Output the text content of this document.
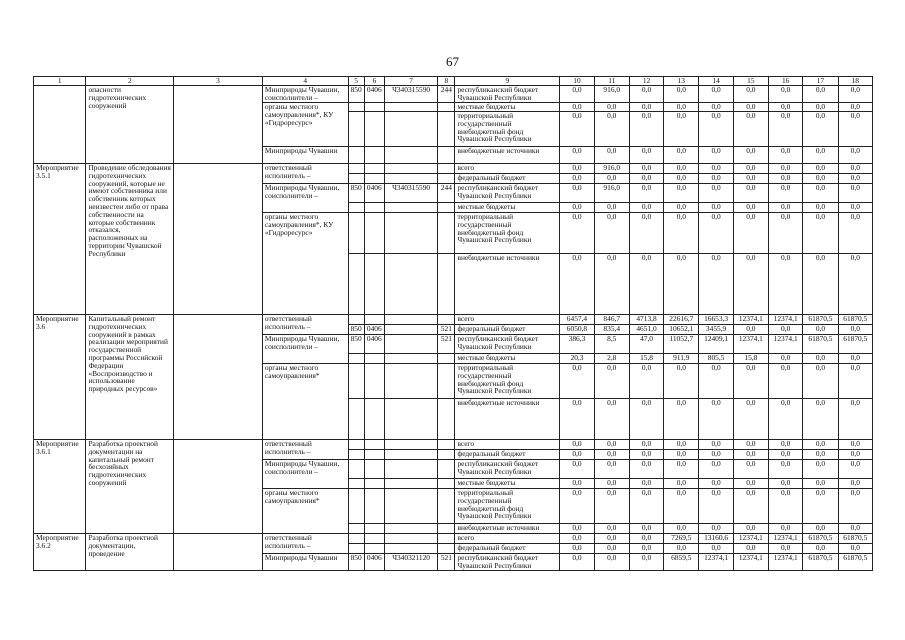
67
1	2	3	4	5	6	7	8	9	10	11	12	13	14	15	16	17	18
	опасности гидротехнических сооружений		Минприроды Чувашии, соисполнители –	850	0406	Ч340315590	244	республиканский бюджет Чувашской Республики	0,0	916,0	0,0	0,0	0,0	0,0	0,0	0,0	0,0
			органы местного самоуправления*, КУ «Гидроресурс»					местные бюджеты	0,0	0,0	0,0	0,0	0,0	0,0	0,0	0,0	0,0
								территориальный государственный внебюджетный фонд Чувашской Республики	0,0	0,0	0,0	0,0	0,0	0,0	0,0	0,0	0,0
			Минприроды Чувашии					внебюджетные источники	0,0	0,0	0,0	0,0	0,0	0,0	0,0	0,0	0,0
Мероприятие 3.5.1	Проведение обследования гидротехнических сооружений, которые не имеют собственника или собственник которых неизвестен либо от права собственности на которые собственник отказался, расположенных на территории Чувашской Республики		ответственный исполнитель –					всего	0,0	916,0	0,0	0,0	0,0	0,0	0,0	0,0	0,0
								федеральный бюджет	0,0	0,0	0,0	0,0	0,0	0,0	0,0	0,0	0,0
			Минприроды Чувашии, соисполнители –	850	0406	Ч340315590	244	республиканский бюджет Чувашской Республики	0,0	916,0	0,0	0,0	0,0	0,0	0,0	0,0	0,0
								местные бюджеты	0,0	0,0	0,0	0,0	0,0	0,0	0,0	0,0	0,0
			органы местного самоуправления*, КУ «Гидроресурс»					территориальный государственный внебюджетный фонд Чувашской Республики	0,0	0,0	0,0	0,0	0,0	0,0	0,0	0,0	0,0
								внебюджетные источники	0,0	0,0	0,0	0,0	0,0	0,0	0,0	0,0	0,0
Мероприятие 3.6	Капитальный ремонт гидротехнических сооружений в рамках реализации мероприятий государственной программы Российской Федерации «Воспроизводство и использование природных ресурсов»		ответственный исполнитель –					всего	6457,4	846,7	4713,8	22616,7	16653,3	12374,1	12374,1	61870,5	61870,5
				850	0406		521	федеральный бюджет	6050,8	835,4	4651,0	10652,1	3455,9	0,0	0,0	0,0	0,0
			Минприроды Чувашии, соисполнители –	850	0406		521	республиканский бюджет Чувашской Республики	386,3	8,5	47,0	11052,7	12409,1	12374,1	12374,1	61870,5	61870,5
								местные бюджеты	20,3	2,8	15,8	911,9	805,5	15,8	0,0	0,0	0,0
			органы местного самоуправления*					территориальный государственный внебюджетный фонд Чувашской Республики	0,0	0,0	0,0	0,0	0,0	0,0	0,0	0,0	0,0
								внебюджетные источники	0,0	0,0	0,0	0,0	0,0	0,0	0,0	0,0	0,0
Мероприятие 3.6.1	Разработка проектной документации на капитальный ремонт бесхозяйных гидротехнических сооружений		ответственный исполнитель –					всего	0,0	0,0	0,0	0,0	0,0	0,0	0,0	0,0	0,0
								федеральный бюджет	0,0	0,0	0,0	0,0	0,0	0,0	0,0	0,0	0,0
			Минприроды Чувашии, соисполнители –					республиканский бюджет Чувашской Республики	0,0	0,0	0,0	0,0	0,0	0,0	0,0	0,0	0,0
								местные бюджеты	0,0	0,0	0,0	0,0	0,0	0,0	0,0	0,0	0,0
			органы местного самоуправления*					территориальный государственный внебюджетный фонд Чувашской Республики	0,0	0,0	0,0	0,0	0,0	0,0	0,0	0,0	0,0
								внебюджетные источники	0,0	0,0	0,0	0,0	0,0	0,0	0,0	0,0	0,0
Мероприятие 3.6.2	Разработка проектной документации, проведение		ответственный исполнитель –					всего	0,0	0,0	0,0	7269,5	13160,6	12374,1	12374,1	61870,5	61870,5
								федеральный бюджет	0,0	0,0	0,0	0,0	0,0	0,0	0,0	0,0	0,0
			Минприроды Чувашии	850	0406	Ч340321120	521	республиканский бюджет Чувашской Республики	0,0	0,0	0,0	6859,5	12374,1	12374,1	12374,1	61870,5	61870,5
